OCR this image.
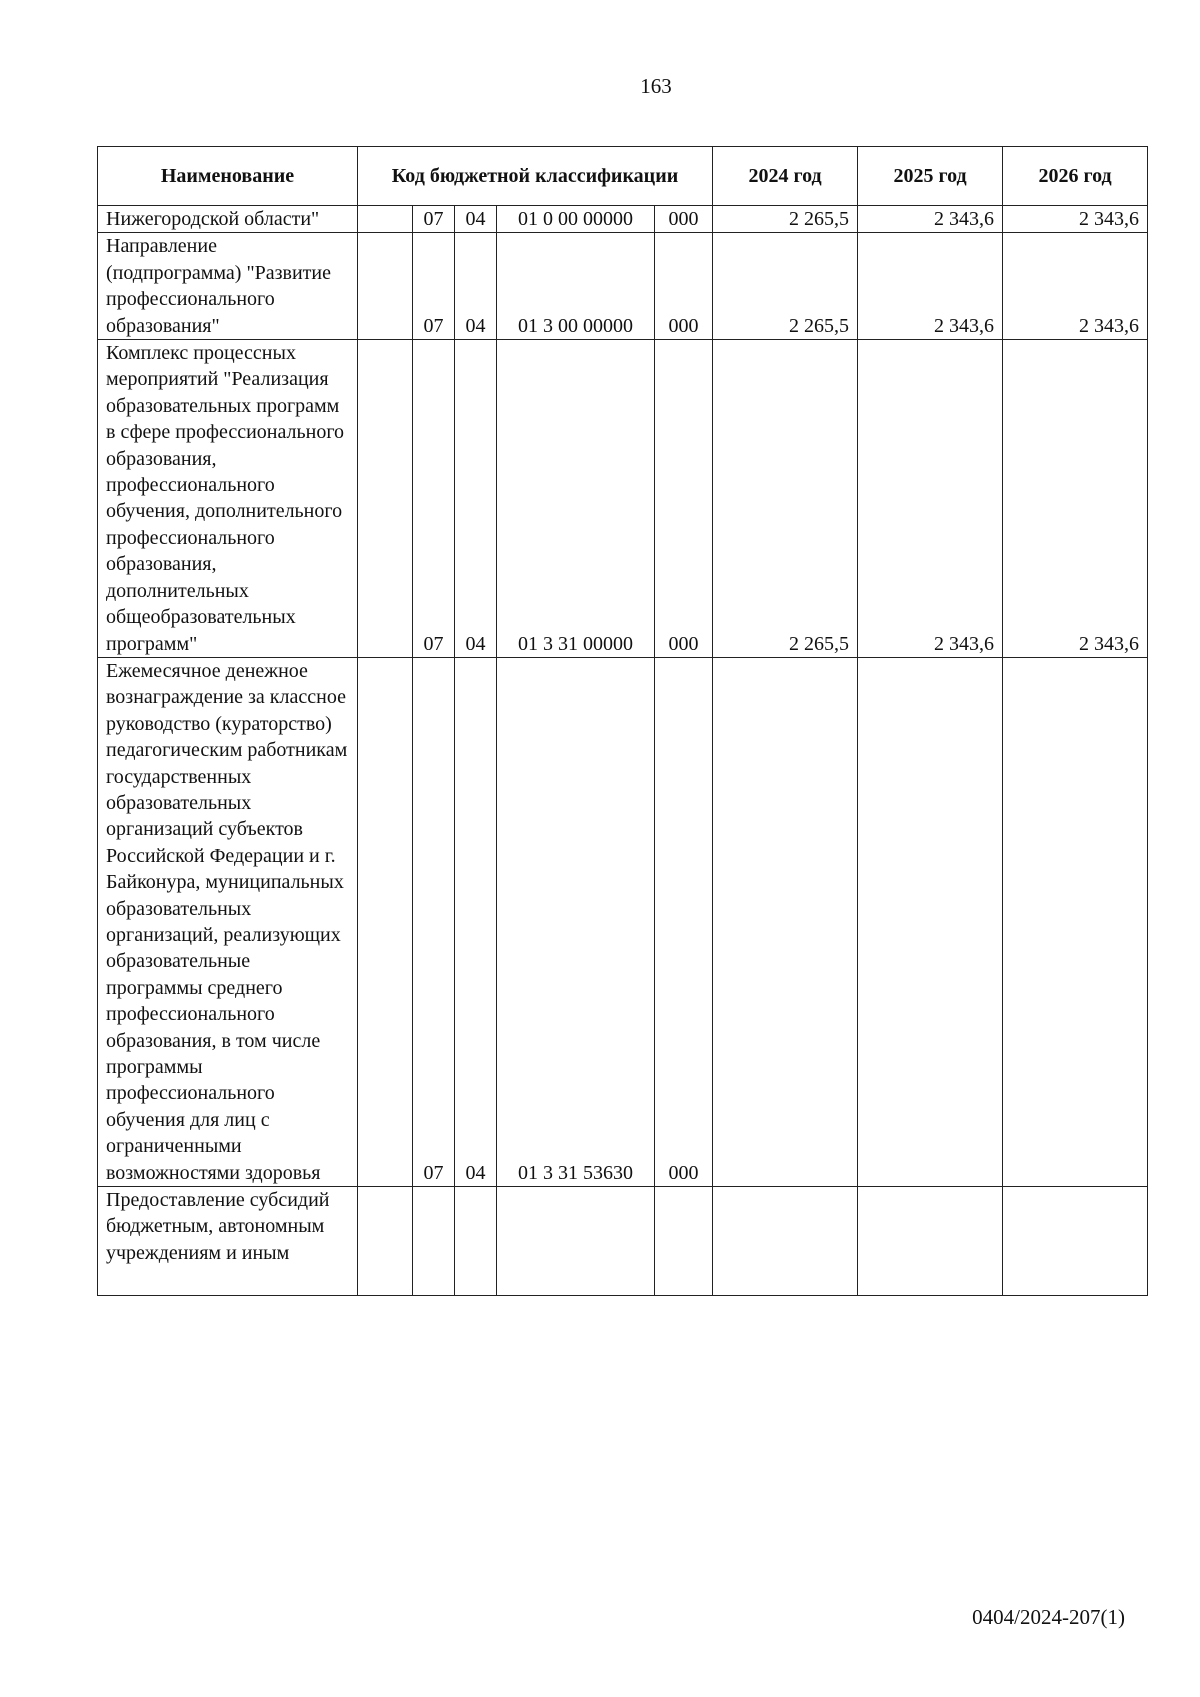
163
Наименование	Код бюджетной классификации					2024 год	2025 год	2026 год
Нижегородской области"		07	04	01 0 00 00000	000	2 265,5	2 343,6	2 343,6
Направление (подпрограмма) "Развитие профессионального образования"		07	04	01 3 00 00000	000	2 265,5	2 343,6	2 343,6
Комплекс процессных мероприятий "Реализация образовательных программ в сфере профессионального образования, профессионального обучения, дополнительного профессионального образования, дополнительных общеобразовательных программ"		07	04	01 3 31 00000	000	2 265,5	2 343,6	2 343,6
Ежемесячное денежное вознаграждение за классное руководство (кураторство) педагогическим работникам государственных образовательных организаций субъектов Российской Федерации и г. Байконура, муниципальных образовательных организаций, реализующих образовательные программы среднего профессионального образования, в том числе программы профессионального обучения для лиц с ограниченными возможностями здоровья		07	04	01 3 31 53630	000			
Предоставление субсидий бюджетным, автономным учреждениям и иным								
0404/2024-207(1)
